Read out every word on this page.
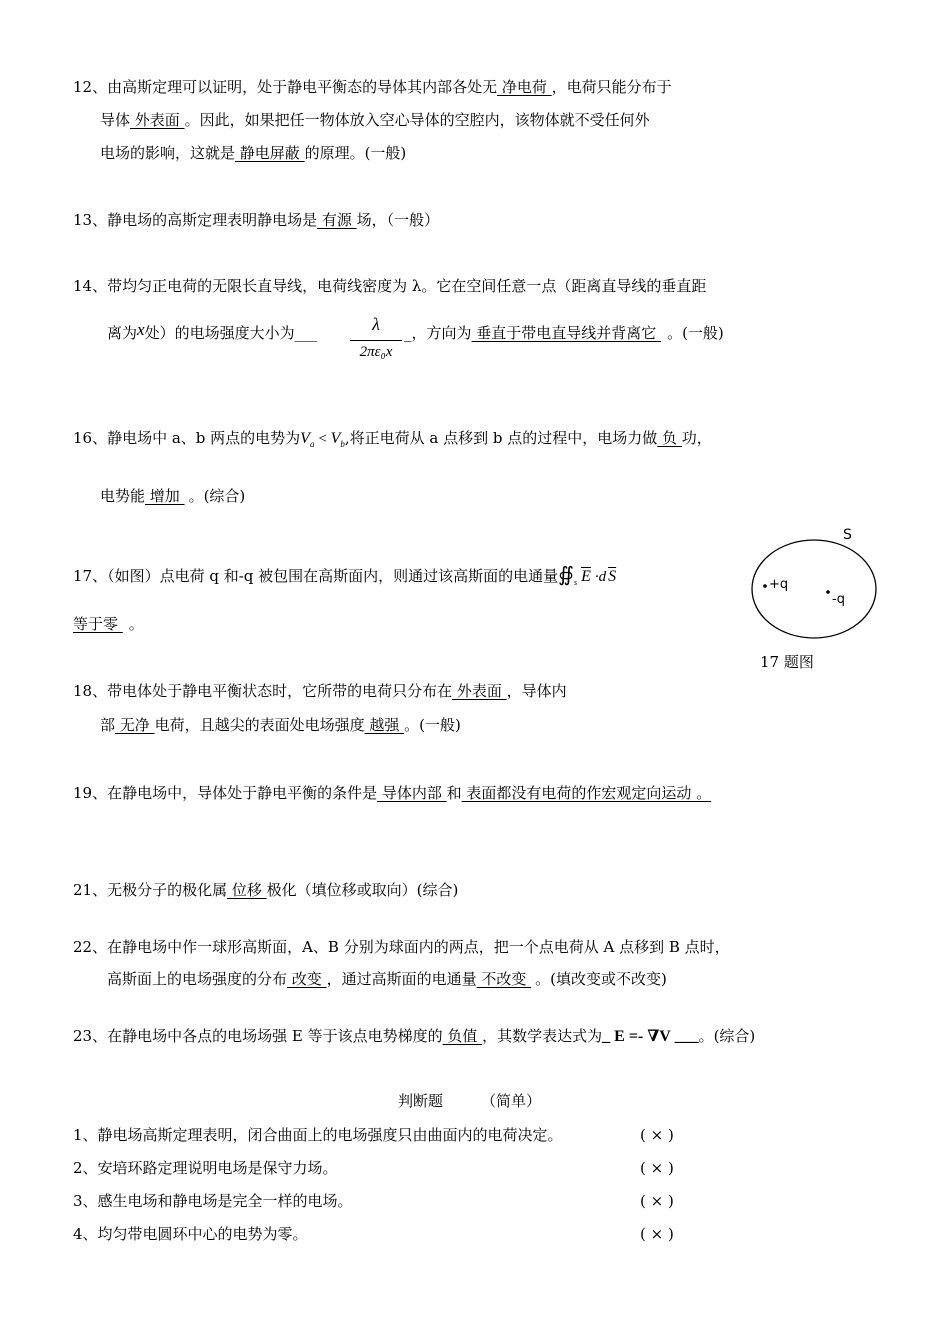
12、由高斯定理可以证明，处于静电平衡态的导体其内部各处无 净电荷 ，电荷只能分布于
导体 外表面 。因此，如果把任一物体放入空心导体的空腔内，该物体就不受任何外
电场的影响，这就是 静电屏蔽 的原理。(一般)
13、静电场的高斯定理表明静电场是 有源 场，（一般）
14、带均匀正电荷的无限长直导线，电荷线密度为 λ。它在空间任意一点（距离直导线的垂直距
离为x处）的电场强度大小为___	λ
2πε₀x
_，方向为 垂直于带电直导线并背离它 。(一般)
16、静电场中 a、b 两点的电势为$V_a < V_b$,将正电荷从 a 点移到 b 点的过程中，电场力做 负 功，
电势能 增加 。(综合)
17、（如图）点电荷 q 和-q 被包围在高斯面内，则通过该高斯面的电通量$∯_s$ $\overline{E} \cdot d$ $\overline{S}$
等于零 。
S
+q
-q
17 题图
18、带电体处于静电平衡状态时，它所带的电荷只分布在 外表面 ，导体内
部 无净 电荷，且越尖的表面处电场强度 越强 。(一般)
19、在静电场中，导体处于静电平衡的条件是 导体内部 和 表面都没有电荷的作宏观定向运动 。
21、无极分子的极化属 位移 极化（填位移或取向）(综合)
22、在静电场中作一球形高斯面，A、B 分别为球面内的两点，把一个点电荷从 A 点移到 B 点时，
高斯面上的电场强度的分布 改变 ，通过高斯面的电通量 不改变 。(填改变或不改变)
23、在静电场中各点的电场场强 E 等于该点电势梯度的 负值 ，其数学表达式为_ E =- ∇V ___。(综合)
判断题	（简单）
1、静电场高斯定理表明，闭合曲面上的电场强度只由曲面内的电荷决定。	( × )
2、安培环路定理说明电场是保守力场。	( × )
3、感生电场和静电场是完全一样的电场。	( × )
4、均匀带电圆环中心的电势为零。	( × )
